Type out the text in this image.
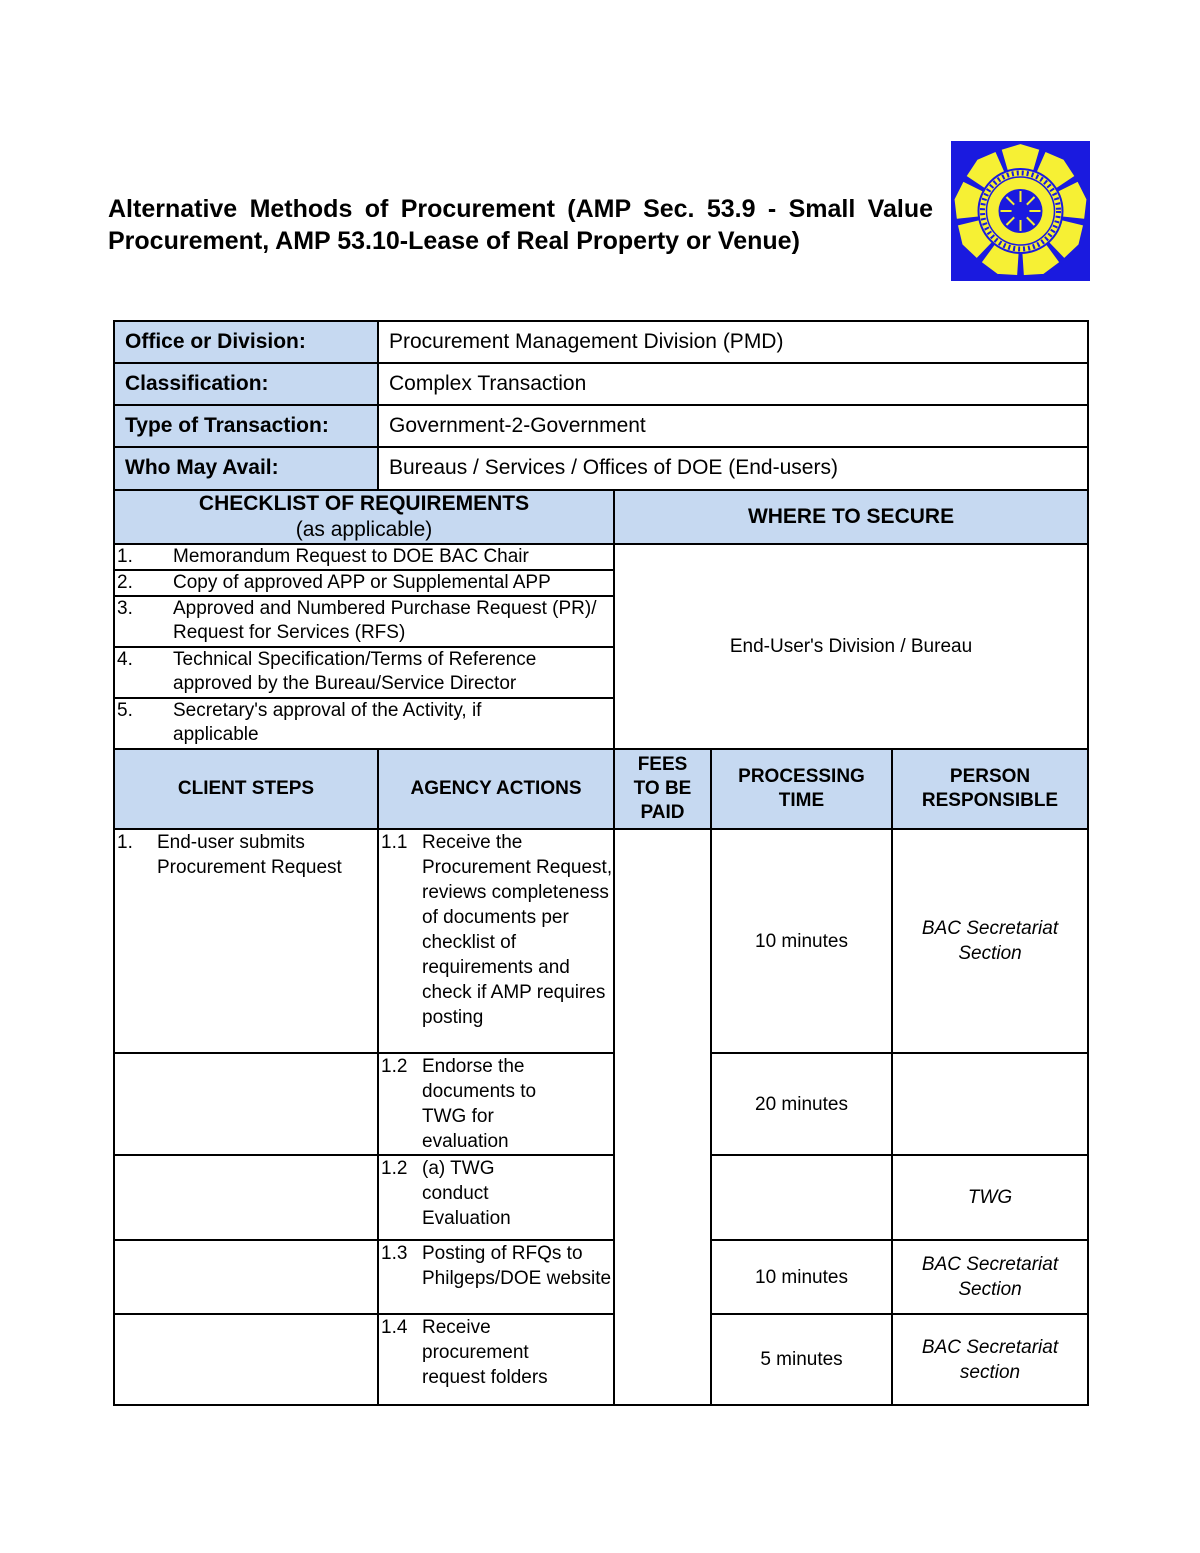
Alternative Methods of Procurement (AMP Sec. 53.9 - Small Value Procurement, AMP 53.10-Lease of Real Property or Venue)
Office or Division:	Procurement Management Division (PMD)			
Classification:	Complex Transaction			
Type of Transaction:	Government-2-Government			
Who May Avail:	Bureaus / Services / Offices of DOE (End-users)			

CHECKLIST OF REQUIREMENTS
(as applicable)		WHERE TO SECURE		

1. Memorandum Request to DOE BAC Chair		End-User's Division / Bureau		

2. Copy of approved APP or Supplemental APP				

3. Approved and Numbered Purchase Request (PR)/ Request for Services (RFS)				

4. Technical Specification/Terms of Reference approved by the Bureau/Service Director				

5. Secretary's approval of the Activity, if applicable				

CLIENT STEPS	AGENCY ACTIONS	FEES TO BE PAID	PROCESSING TIME	PERSON RESPONSIBLE

1. End-user submits Procurement Request	1.1 Receive the Procurement Request, reviews completeness of documents per checklist of requirements and check if AMP requires posting		10 minutes	BAC Secretariat Section

	1.2 Endorse the documents to TWG for evaluation		20 minutes	

	1.2 (a) TWG conduct Evaluation			TWG

	1.3 Posting of RFQs to Philgeps/DOE website		10 minutes	BAC Secretariat Section

	1.4 Receive procurement request folders		5 minutes	BAC Secretariat section
